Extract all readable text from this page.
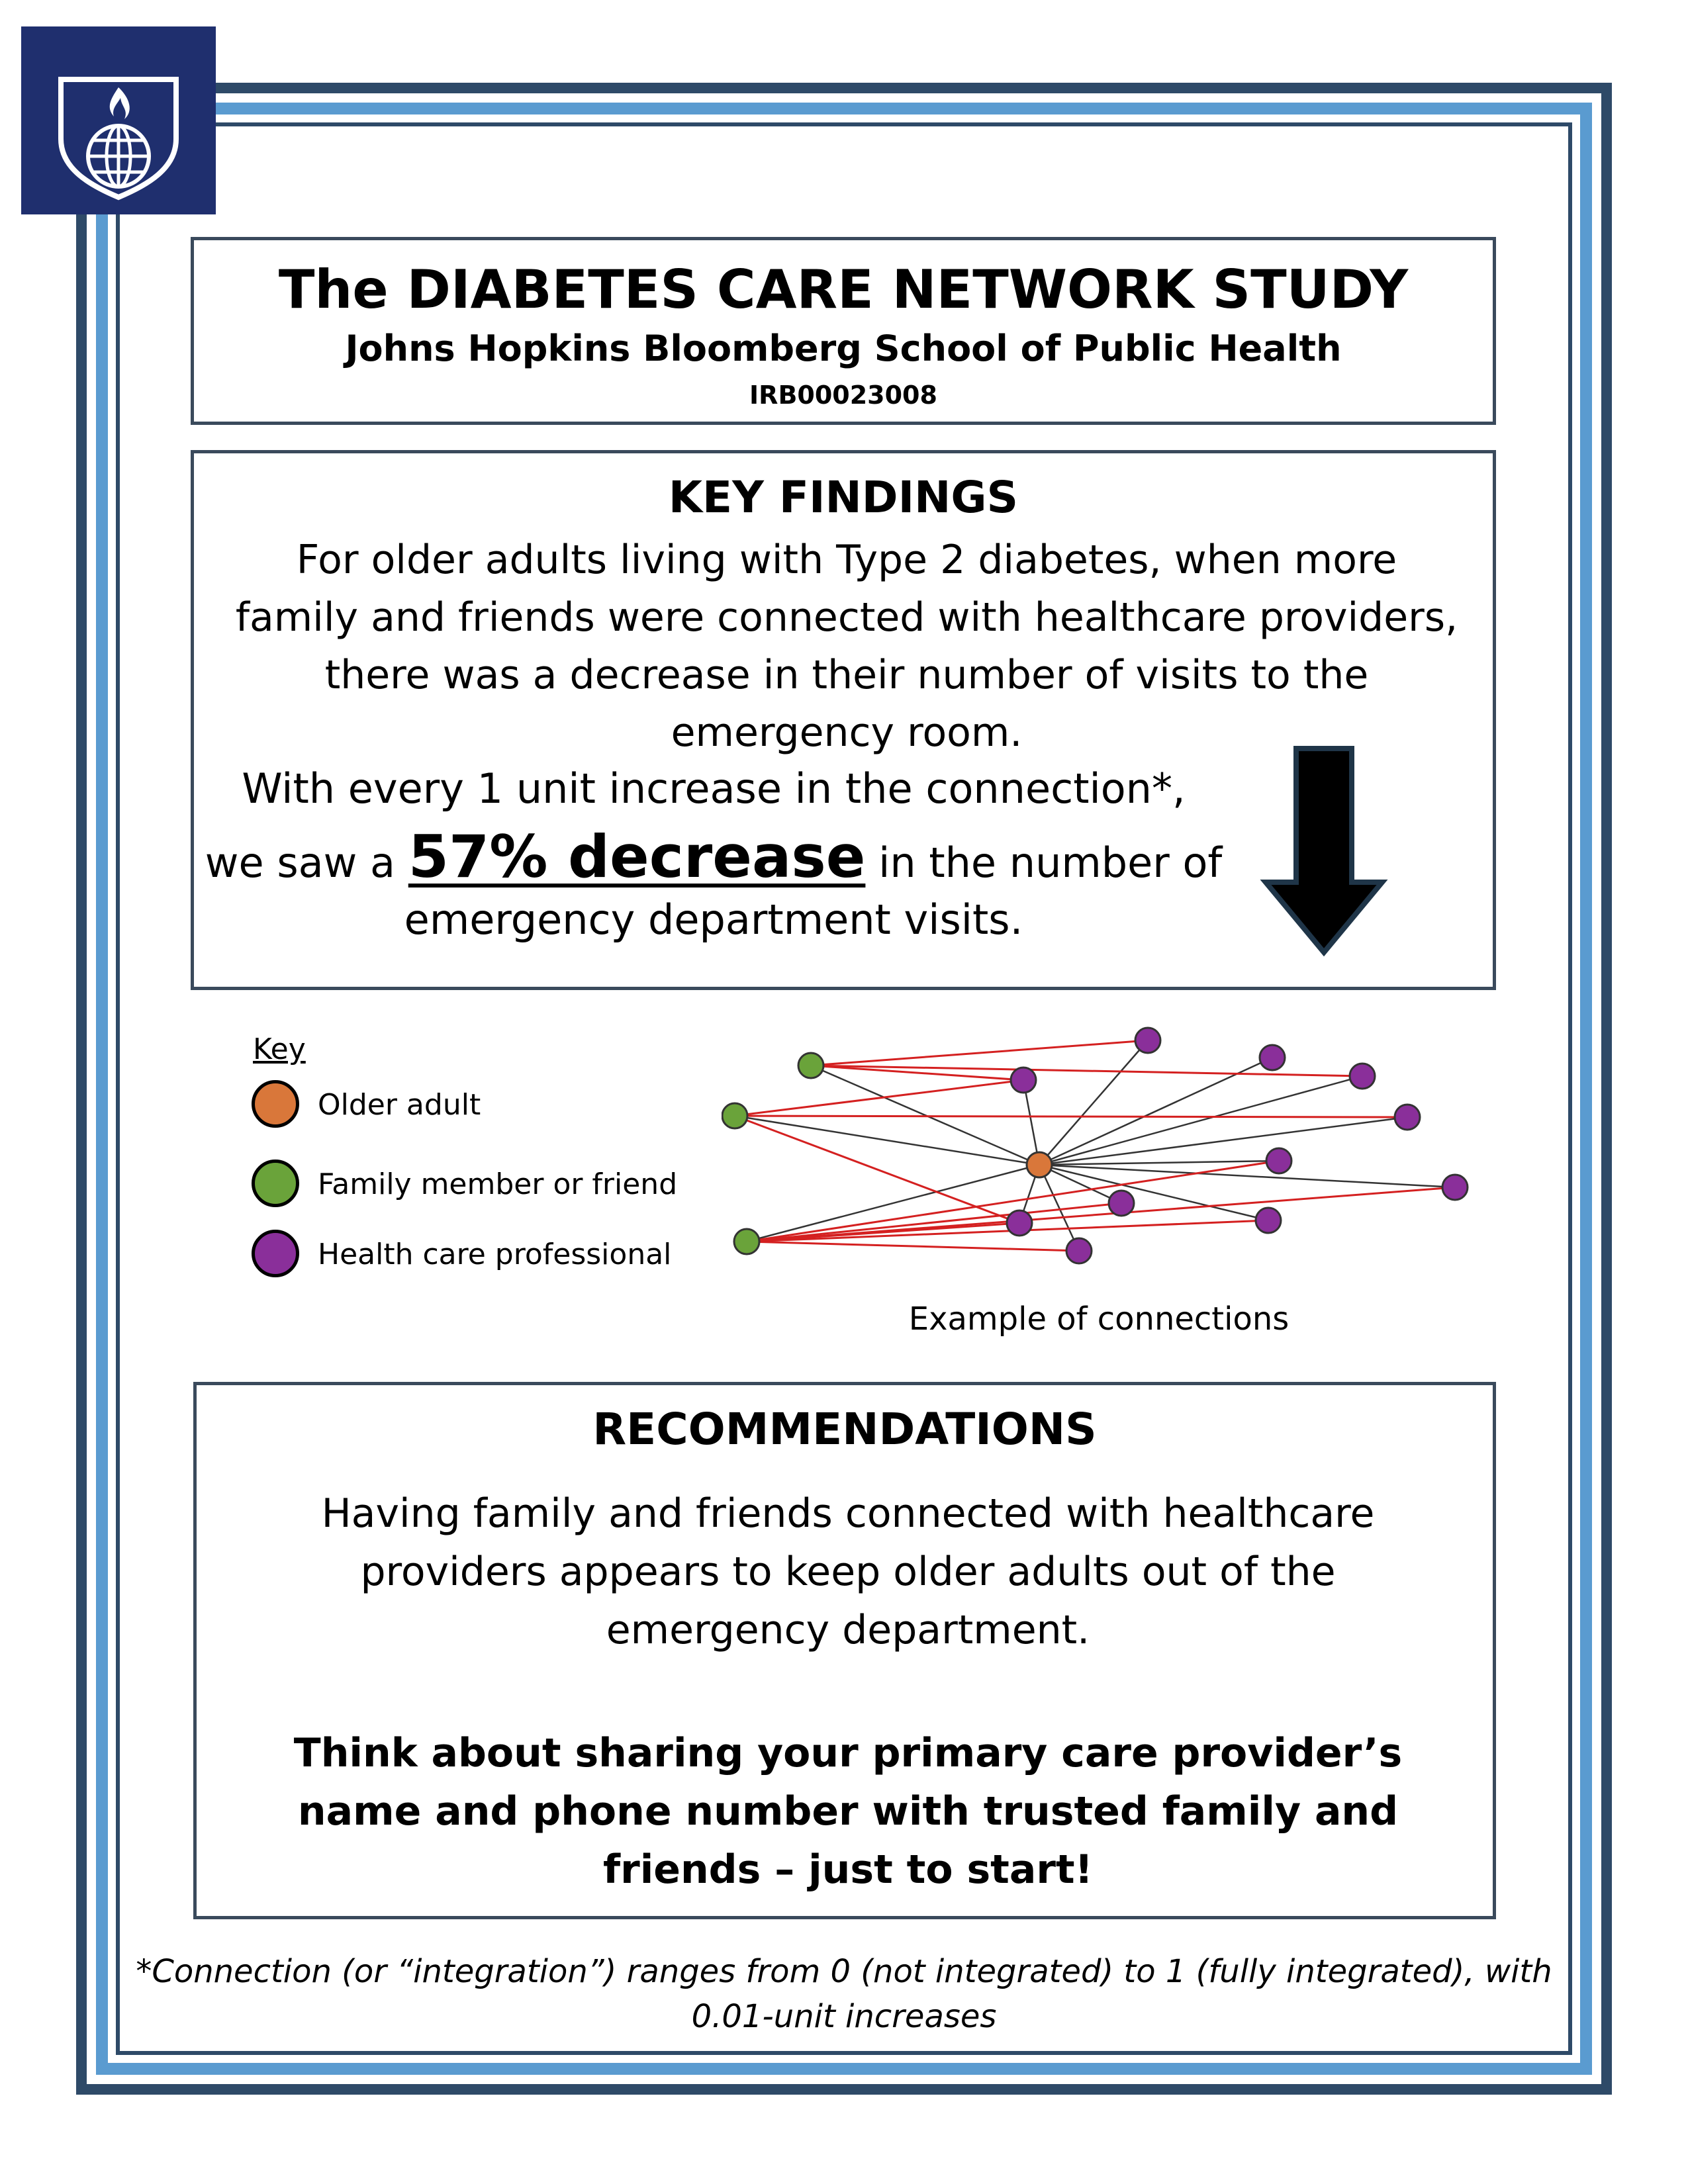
The DIABETES CARE NETWORK STUDY
Johns Hopkins Bloomberg School of Public Health
IRB00023008
KEY FINDINGS
For older adults living with Type 2 diabetes, when more family and friends were connected with healthcare providers, there was a decrease in their number of visits to the emergency room.
With every 1 unit increase in the connection*,
we saw a 57% decrease in the number of
emergency department visits.
Key
Older adult
Family member or friend
Health care professional
Example of connections
RECOMMENDATIONS
Having family and friends connected with healthcare providers appears to keep older adults out of the emergency department.
Think about sharing your primary care provider’s name and phone number with trusted family and friends – just to start!
*Connection (or “integration”) ranges from 0 (not integrated) to 1 (fully integrated), with 0.01-unit increases
